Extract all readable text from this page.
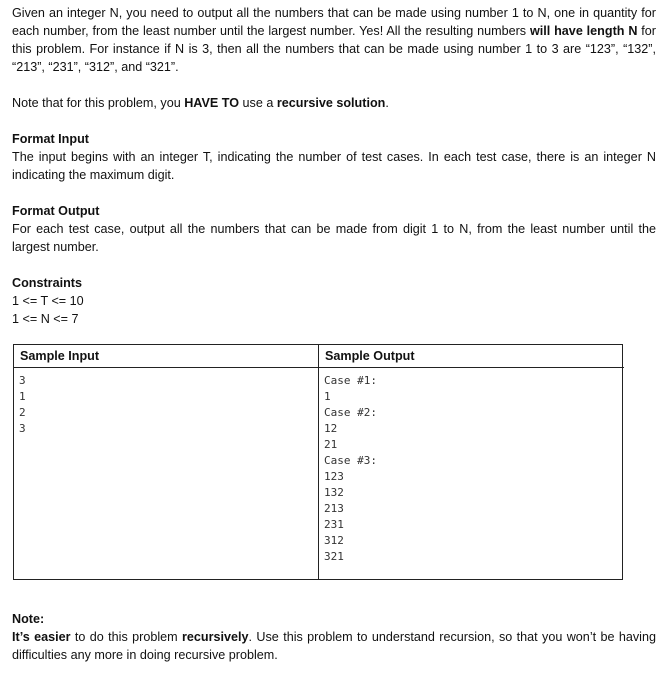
Given an integer N, you need to output all the numbers that can be made using number 1 to N, one in quantity for each number, from the least number until the largest number. Yes! All the resulting numbers will have length N for this problem. For instance if N is 3, then all the numbers that can be made using number 1 to 3 are “123”, “132”, “213”, “231”, “312”, and “321”.

Note that for this problem, you HAVE TO use a recursive solution.

Format Input

The input begins with an integer T, indicating the number of test cases. In each test case, there is an integer N indicating the maximum digit.

Format Output

For each test case, output all the numbers that can be made from digit 1 to N, from the least number until the largest number.

Constraints

1 <= T <= 10

1 <= N <= 7

Sample Input	Sample Output
3
1
2
3
Case #1:
1
Case #2:
12
21
Case #3:
123
132
213
231
312
321

Note:

It’s easier to do this problem recursively. Use this problem to understand recursion, so that you won’t be having difficulties any more in doing recursive problem.
